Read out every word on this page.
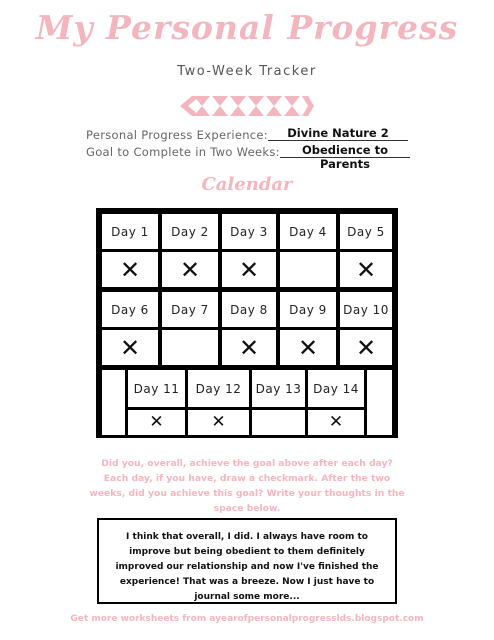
My Personal Progress
Two-Week Tracker
Personal Progress Experience:	Divine Nature 2
Goal to Complete in Two Weeks:	Obedience to Parents
Calendar
Day 1
✕
Day 2
✕
Day 3
✕
Day 4 Day 5
✕
Day 6
✕
Day 7 Day 8
✕
Day 9
✕
Day 10
✕
Day 11
✕
Day 12
✕
Day 13 Day 14
✕
Did you, overall, achieve the goal above after each day? Each day, if you have, draw a checkmark. After the two weeks, did you achieve this goal? Write your thoughts in the space below.
I think that overall, I did. I always have room to improve but being obedient to them definitely improved our relationship and now I've finished the experience! That was a breeze. Now I just have to journal some more...
Get more worksheets from ayearofpersonalprogresslds.blogspot.com
